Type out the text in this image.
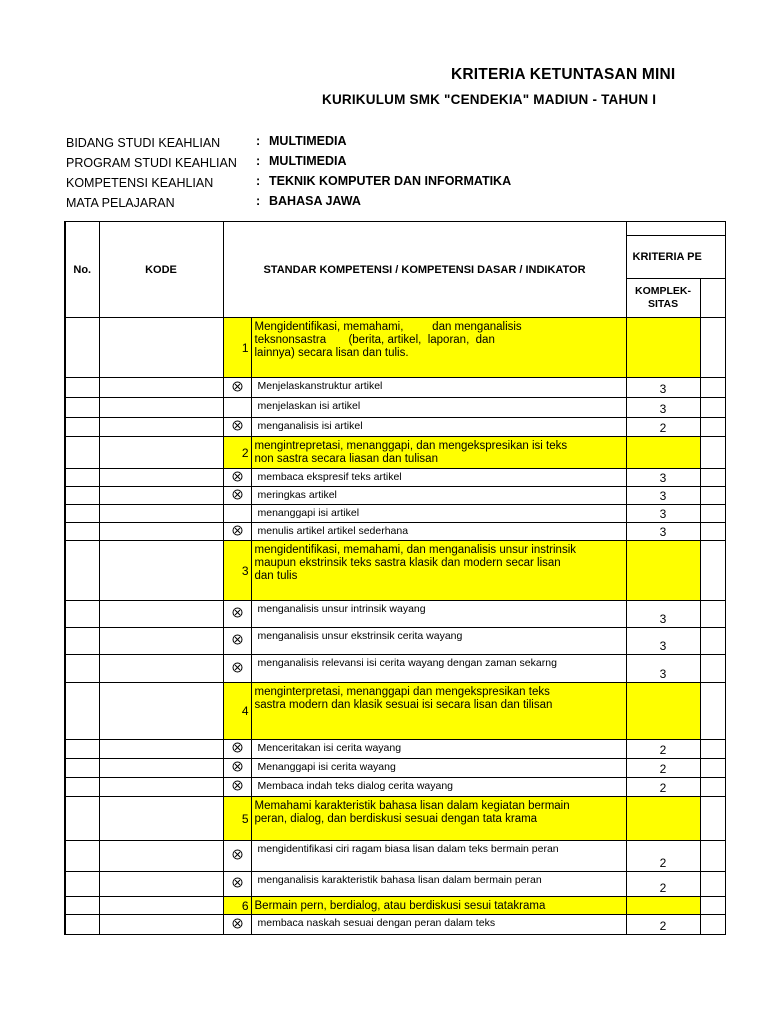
KRITERIA KETUNTASAN MINI
KURIKULUM SMK "CENDEKIA" MADIUN - TAHUN I
BIDANG STUDI KEAHLIAN	: MULTIMEDIA
PROGRAM STUDI KEAHLIAN : MULTIMEDIA
KOMPETENSI KEAHLIAN	: TEKNIK KOMPUTER DAN INFORMATIKA
MATA PELAJARAN	: BAHASA JAWA
No.	KODE	STANDAR KOMPETENSI / KOMPETENSI DASAR / INDIKATOR			
				KRITERIA PE	
				KOMPLEK-
SITAS	
		1	Mengidentifikasi, memahami,         dan menganalisis
teksnonsastra       (berita, artikel,  laporan,  dan
lainnya) secara lisan dan tulis.		

			Menjelaskanstruktur artikel	3	
			menjelaskan isi artikel	3	
			menganalisis isi artikel	2	
		2	mengintrepretasi, menanggapi, dan mengekspresikan isi teks
non sastra secara liasan dan tulisan		

			membaca ekspresif teks artikel	3	
			meringkas artikel	3	
			menanggapi isi artikel	3	
			menulis artikel artikel sederhana	3	
		3	mengidentifikasi, memahami, dan menganalisis unsur instrinsik
maupun ekstrinsik teks sastra klasik dan modern secar lisan
dan tulis		

			menganalisis unsur intrinsik wayang	3	
			menganalisis unsur ekstrinsik cerita wayang	3	
			menganalisis relevansi isi cerita wayang dengan zaman sekarng	3	
		4	menginterpretasi, menanggapi dan mengekspresikan teks
sastra modern dan klasik sesuai isi secara lisan dan tilisan		

			Menceritakan isi cerita wayang	2	
			Menanggapi isi cerita wayang	2	
			Membaca indah teks dialog cerita wayang	2	
		5	Memahami karakteristik bahasa lisan dalam kegiatan bermain
peran, dialog, dan berdiskusi sesuai dengan tata krama		

			mengidentifikasi ciri ragam biasa lisan dalam teks bermain peran	2	
			menganalisis karakteristik bahasa lisan dalam bermain peran	2	
		6	Bermain pern, berdialog, atau berdiskusi sesui tatakrama		

			membaca naskah sesuai dengan peran dalam teks	2	
